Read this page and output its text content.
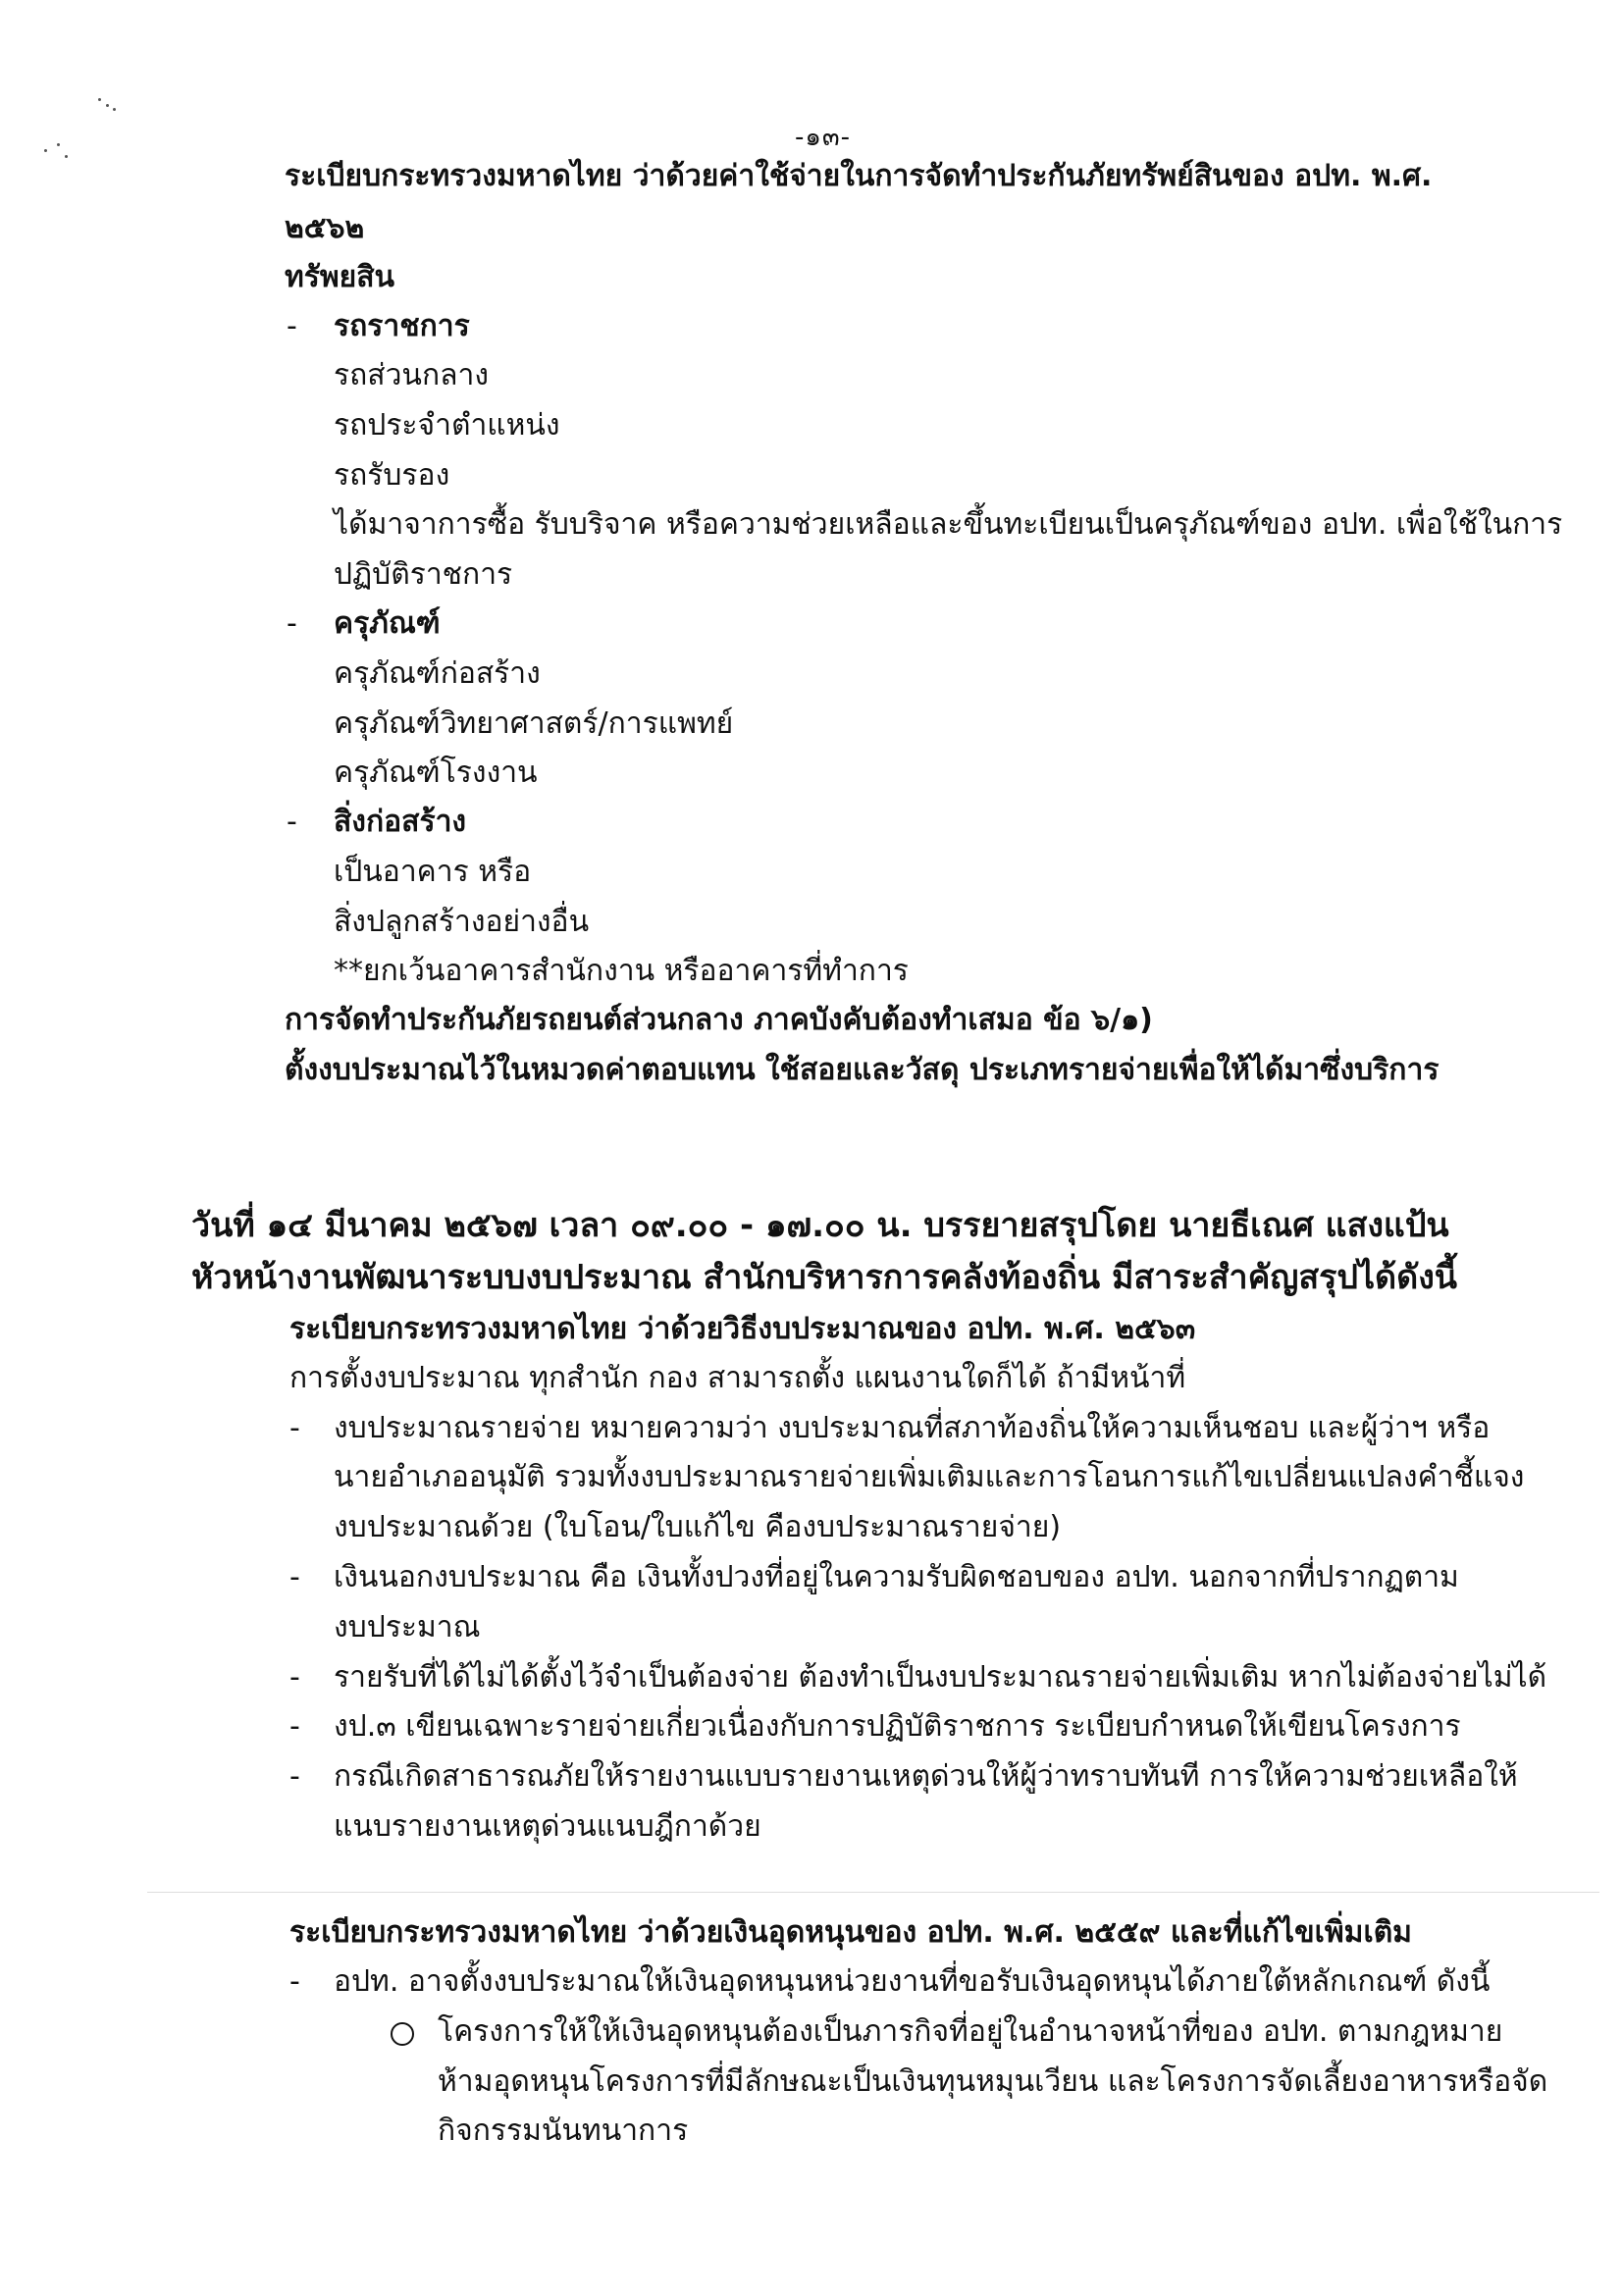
-๑๓-
ระเบียบกระทรวงมหาดไทย ว่าด้วยค่าใช้จ่ายในการจัดทำประกันภัยทรัพย์สินของ อปท. พ.ศ.
๒๕๖๒
ทรัพยสิน
- รถราชการ
รถส่วนกลาง
รถประจำตำแหน่ง
รถรับรอง
ได้มาจาการซื้อ รับบริจาค หรือความช่วยเหลือและขึ้นทะเบียนเป็นครุภัณฑ์ของ อปท. เพื่อใช้ในการ
ปฏิบัติราชการ
- ครุภัณฑ์
ครุภัณฑ์ก่อสร้าง
ครุภัณฑ์วิทยาศาสตร์/การแพทย์
ครุภัณฑ์โรงงาน
- สิ่งก่อสร้าง
เป็นอาคาร หรือ
สิ่งปลูกสร้างอย่างอื่น
**ยกเว้นอาคารสำนักงาน หรืออาคารที่ทำการ
การจัดทำประกันภัยรถยนต์ส่วนกลาง ภาคบังคับต้องทำเสมอ ข้อ ๖/๑)
ตั้งงบประมาณไว้ในหมวดค่าตอบแทน ใช้สอยและวัสดุ ประเภทรายจ่ายเพื่อให้ได้มาซึ่งบริการ
วันที่ ๑๔ มีนาคม ๒๕๖๗ เวลา ๐๙.๐๐ - ๑๗.๐๐ น. บรรยายสรุปโดย นายธีเณศ แสงแป้น
หัวหน้างานพัฒนาระบบงบประมาณ สำนักบริหารการคลังท้องถิ่น มีสาระสำคัญสรุปได้ดังนี้
ระเบียบกระทรวงมหาดไทย ว่าด้วยวิธีงบประมาณของ อปท. พ.ศ. ๒๕๖๓
การตั้งงบประมาณ ทุกสำนัก กอง สามารถตั้ง แผนงานใดก็ได้ ถ้ามีหน้าที่
- งบประมาณรายจ่าย หมายความว่า งบประมาณที่สภาท้องถิ่นให้ความเห็นชอบ และผู้ว่าฯ หรือ
นายอำเภออนุมัติ รวมทั้งงบประมาณรายจ่ายเพิ่มเติมและการโอนการแก้ไขเปลี่ยนแปลงคำชี้แจง
งบประมาณด้วย (ใบโอน/ใบแก้ไข คืองบประมาณรายจ่าย)
- เงินนอกงบประมาณ คือ เงินทั้งปวงที่อยู่ในความรับผิดชอบของ อปท. นอกจากที่ปรากฏตาม
งบประมาณ
- รายรับที่ได้ไม่ได้ตั้งไว้จำเป็นต้องจ่าย ต้องทำเป็นงบประมาณรายจ่ายเพิ่มเติม หากไม่ต้องจ่ายไม่ได้
- งป.๓ เขียนเฉพาะรายจ่ายเกี่ยวเนื่องกับการปฏิบัติราชการ ระเบียบกำหนดให้เขียนโครงการ
- กรณีเกิดสาธารณภัยให้รายงานแบบรายงานเหตุด่วนให้ผู้ว่าทราบทันที การให้ความช่วยเหลือให้
แนบรายงานเหตุด่วนแนบฎีกาด้วย
ระเบียบกระทรวงมหาดไทย ว่าด้วยเงินอุดหนุนของ อปท. พ.ศ. ๒๕๕๙ และที่แก้ไขเพิ่มเติม
- อปท. อาจตั้งงบประมาณให้เงินอุดหนุนหน่วยงานที่ขอรับเงินอุดหนุนได้ภายใต้หลักเกณฑ์ ดังนี้
โครงการให้ให้เงินอุดหนุนต้องเป็นภารกิจที่อยู่ในอำนาจหน้าที่ของ อปท. ตามกฎหมาย
ห้ามอุดหนุนโครงการที่มีลักษณะเป็นเงินทุนหมุนเวียน และโครงการจัดเลี้ยงอาหารหรือจัด
กิจกรรมนันทนาการ
